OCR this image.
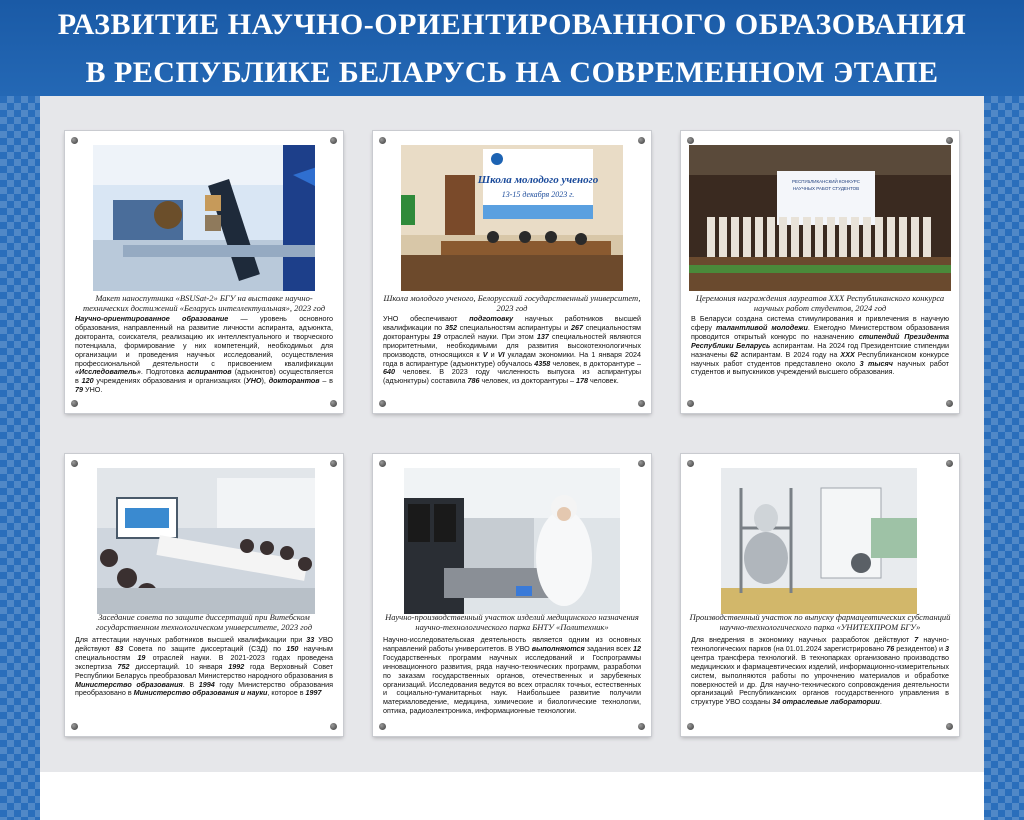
РАЗВИТИЕ НАУЧНО-ОРИЕНТИРОВАННОГО ОБРАЗОВАНИЯ
В РЕСПУБЛИКЕ БЕЛАРУСЬ НА СОВРЕМЕННОМ ЭТАПЕ
Макет наноспутника «BSUSat-2» БГУ на выставке научно-технических достижений «Беларусь интеллектуальная», 2023 год
Научно-ориентированное образование — уровень основного образования, направленный на развитие личности аспиранта, адъюнкта, докторанта, соискателя, реализацию их интеллектуального и творческого потенциала, формирование у них компетенций, необходимых для организации и проведения научных исследований, осуществления профессиональной деятельности с присвоением квалификации «Исследователь». Подготовка аспирантов (адъюнктов) осуществляется в 120 учреждениях образования и организациях (УНО), докторантов – в 79 УНО.
Школа молодого ученого
13-15 декабря 2023 г.
Школа молодого ученого, Белорусский государственный университет, 2023 год
УНО обеспечивают подготовку научных работников высшей квалификации по 352 специальностям аспирантуры и 267 специальностям докторантуры 19 отраслей науки. При этом 137 специальностей являются приоритетными, необходимыми для развития высокотехнологичных производств, относящихся к V и VI укладам экономики. На 1 января 2024 года в аспирантуре (адъюнктуре) обучалось 4358 человек, в докторантуре – 640 человек. В 2023 году численность выпуска из аспирантуры (адъюнктуры) составила 786 человек, из докторантуры – 178 человек.
РЕСПУБЛИКАНСКИЙ КОНКУРС
НАУЧНЫХ РАБОТ СТУДЕНТОВ
Церемония награждения лауреатов XXX Республиканского конкурса научных работ студентов, 2024 год
В Беларуси создана система стимулирования и привлечения в научную сферу талантливой молодежи. Ежегодно Министерством образования проводится открытый конкурс по назначению стипендий Президента Республики Беларусь аспирантам. На 2024 год Президентские стипендии назначены 62 аспирантам. В 2024 году на XXX Республиканском конкурсе научных работ студентов представлено около 3 тысяч научных работ студентов и выпускников учреждений высшего образования.
Заседание совета по защите диссертаций при Витебском государственном технологическом университете, 2023 год
Для аттестации научных работников высшей квалификации при 33 УВО действуют 83 Совета по защите диссертаций (СЗД) по 150 научным специальностям 19 отраслей науки. В 2021-2023 годах проведена экспертиза 752 диссертаций. 10 января 1992 года Верховный Совет Республики Беларусь преобразовал Министерство народного образования в Министерство образования. В 1994 году Министерство образования преобразовано в Министерство образования и науки, которое в 1997
Научно-производственный участок изделий медицинского назначения научно-технологического парка БНТУ «Политехник»
Научно-исследовательская деятельность является одним из основных направлений работы университетов. В УВО выполняются задания всех 12 Государственных программ научных исследований и Госпрограммы инновационного развития, ряда научно-технических программ, разработки по заказам государственных органов, отечественных и зарубежных организаций. Исследования ведутся во всех отраслях точных, естественных и социально-гуманитарных наук. Наибольшее развитие получили материаловедение, медицина, химические и биологические технологии, оптика, радиоэлектроника, информационные технологии.
Производственный участок по выпуску фармацевтических субстанций научно-технологического парка «УНИТЕХПРОМ БГУ»
Для внедрения в экономику научных разработок действуют 7 научно-технологических парков (на 01.01.2024 зарегистрировано 76 резидентов) и 3 центра трансфера технологий. В технопарках организовано производство медицинских и фармацевтических изделий, информационно-измерительных систем, выполняются работы по упрочнению материалов и обработке поверхностей и др. Для научно-технического сопровождения деятельности организаций Республиканских органов государственного управления в структуре УВО созданы 34 отраслевые лаборатории.
